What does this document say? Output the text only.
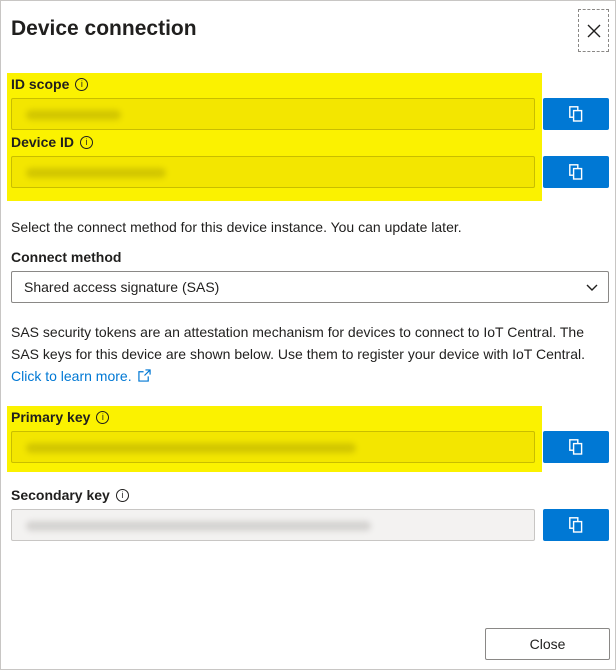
Device connection
ID scope	i
Device ID	i
Select the connect method for this device instance. You can update later.
Connect method
Shared access signature (SAS)
SAS security tokens are an attestation mechanism for devices to connect to IoT Central. The SAS keys for this device are shown below. Use them to register your device with IoT Central. Click to learn more.
Primary key	i
Secondary key	i
Close
